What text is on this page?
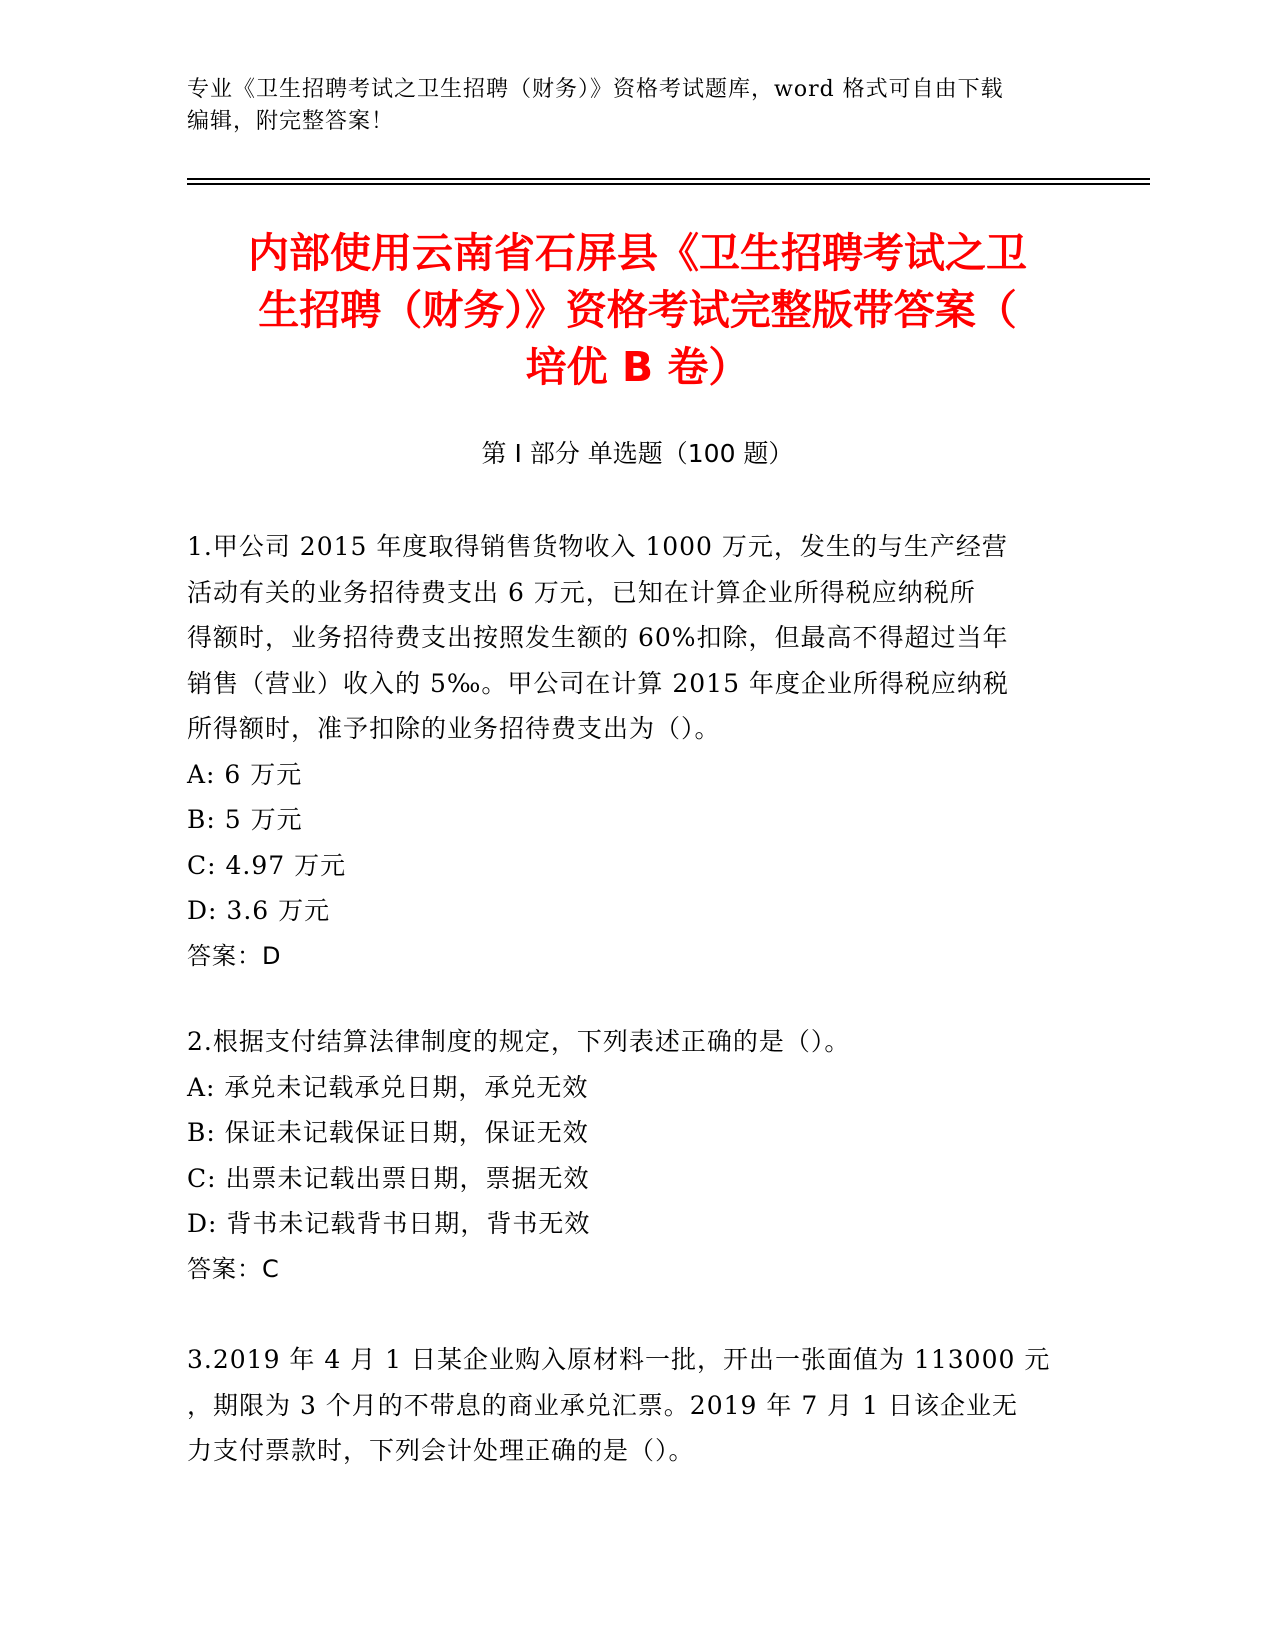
专业《卫生招聘考试之卫生招聘（财务）》资格考试题库，word 格式可自由下载
编辑，附完整答案！
内部使用云南省石屏县《卫生招聘考试之卫
生招聘（财务）》资格考试完整版带答案（
培优 B 卷）
第 I 部分 单选题（100 题）

1.甲公司 2015 年度取得销售货物收入 1000 万元，发生的与生产经营

活动有关的业务招待费支出 6 万元，已知在计算企业所得税应纳税所

得额时，业务招待费支出按照发生额的 60%扣除，但最高不得超过当年

销售（营业）收入的 5‰。甲公司在计算 2015 年度企业所得税应纳税

所得额时，准予扣除的业务招待费支出为（）。

A: 6 万元

B: 5 万元

C: 4.97 万元

D: 3.6 万元

答案：D

2.根据支付结算法律制度的规定，下列表述正确的是（）。

A: 承兑未记载承兑日期，承兑无效

B: 保证未记载保证日期，保证无效

C: 出票未记载出票日期，票据无效

D: 背书未记载背书日期，背书无效

答案：C

3.2019 年 4 月 1 日某企业购入原材料一批，开出一张面值为 113000 元

，期限为 3 个月的不带息的商业承兑汇票。2019 年 7 月 1 日该企业无

力支付票款时，下列会计处理正确的是（）。
